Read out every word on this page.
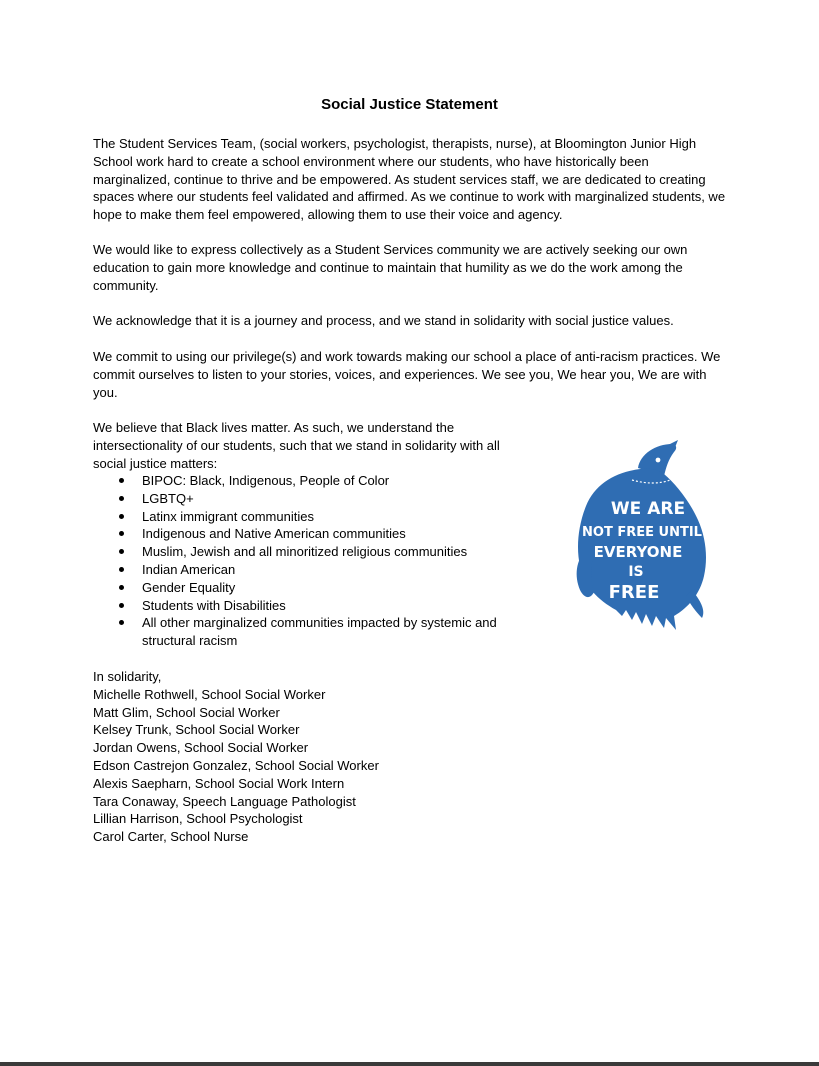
Social Justice Statement

The Student Services Team, (social workers, psychologist, therapists, nurse), at Bloomington Junior High School work hard to create a school environment where our students, who have historically been marginalized, continue to thrive and be empowered. As student services staff, we are dedicated to creating spaces where our students feel validated and affirmed. As we continue to work with marginalized students, we hope to make them feel empowered, allowing them to use their voice and agency.

We would like to express collectively as a Student Services community we are actively seeking our own education to gain more knowledge and continue to maintain that humility as we do the work among the community.

We acknowledge that it is a journey and process, and we stand in solidarity with social justice values.

We commit to using our privilege(s) and work towards making our school a place of anti-racism practices. We commit ourselves to listen to your stories, voices, and experiences. We see you, We hear you, We are with you.

We believe that Black lives matter. As such, we understand the intersectionality of our students, such that we stand in solidarity with all social justice matters:

BIPOC: Black, Indigenous, People of Color
LGBTQ+
Latinx immigrant communities
Indigenous and Native American communities
Muslim, Jewish and all minoritized religious communities
Indian American
Gender Equality
Students with Disabilities
All other marginalized communities impacted by systemic and structural racism
In solidarity,
Michelle Rothwell, School Social Worker
Matt Glim, School Social Worker
Kelsey Trunk, School Social Worker
Jordan Owens, School Social Worker
Edson Castrejon Gonzalez, School Social Worker
Alexis Saepharn, School Social Work Intern
Tara Conaway, Speech Language Pathologist
Lillian Harrison, School Psychologist
Carol Carter, School Nurse
WE ARE
NOT FREE UNTIL
EVERYONE
IS
FREE
